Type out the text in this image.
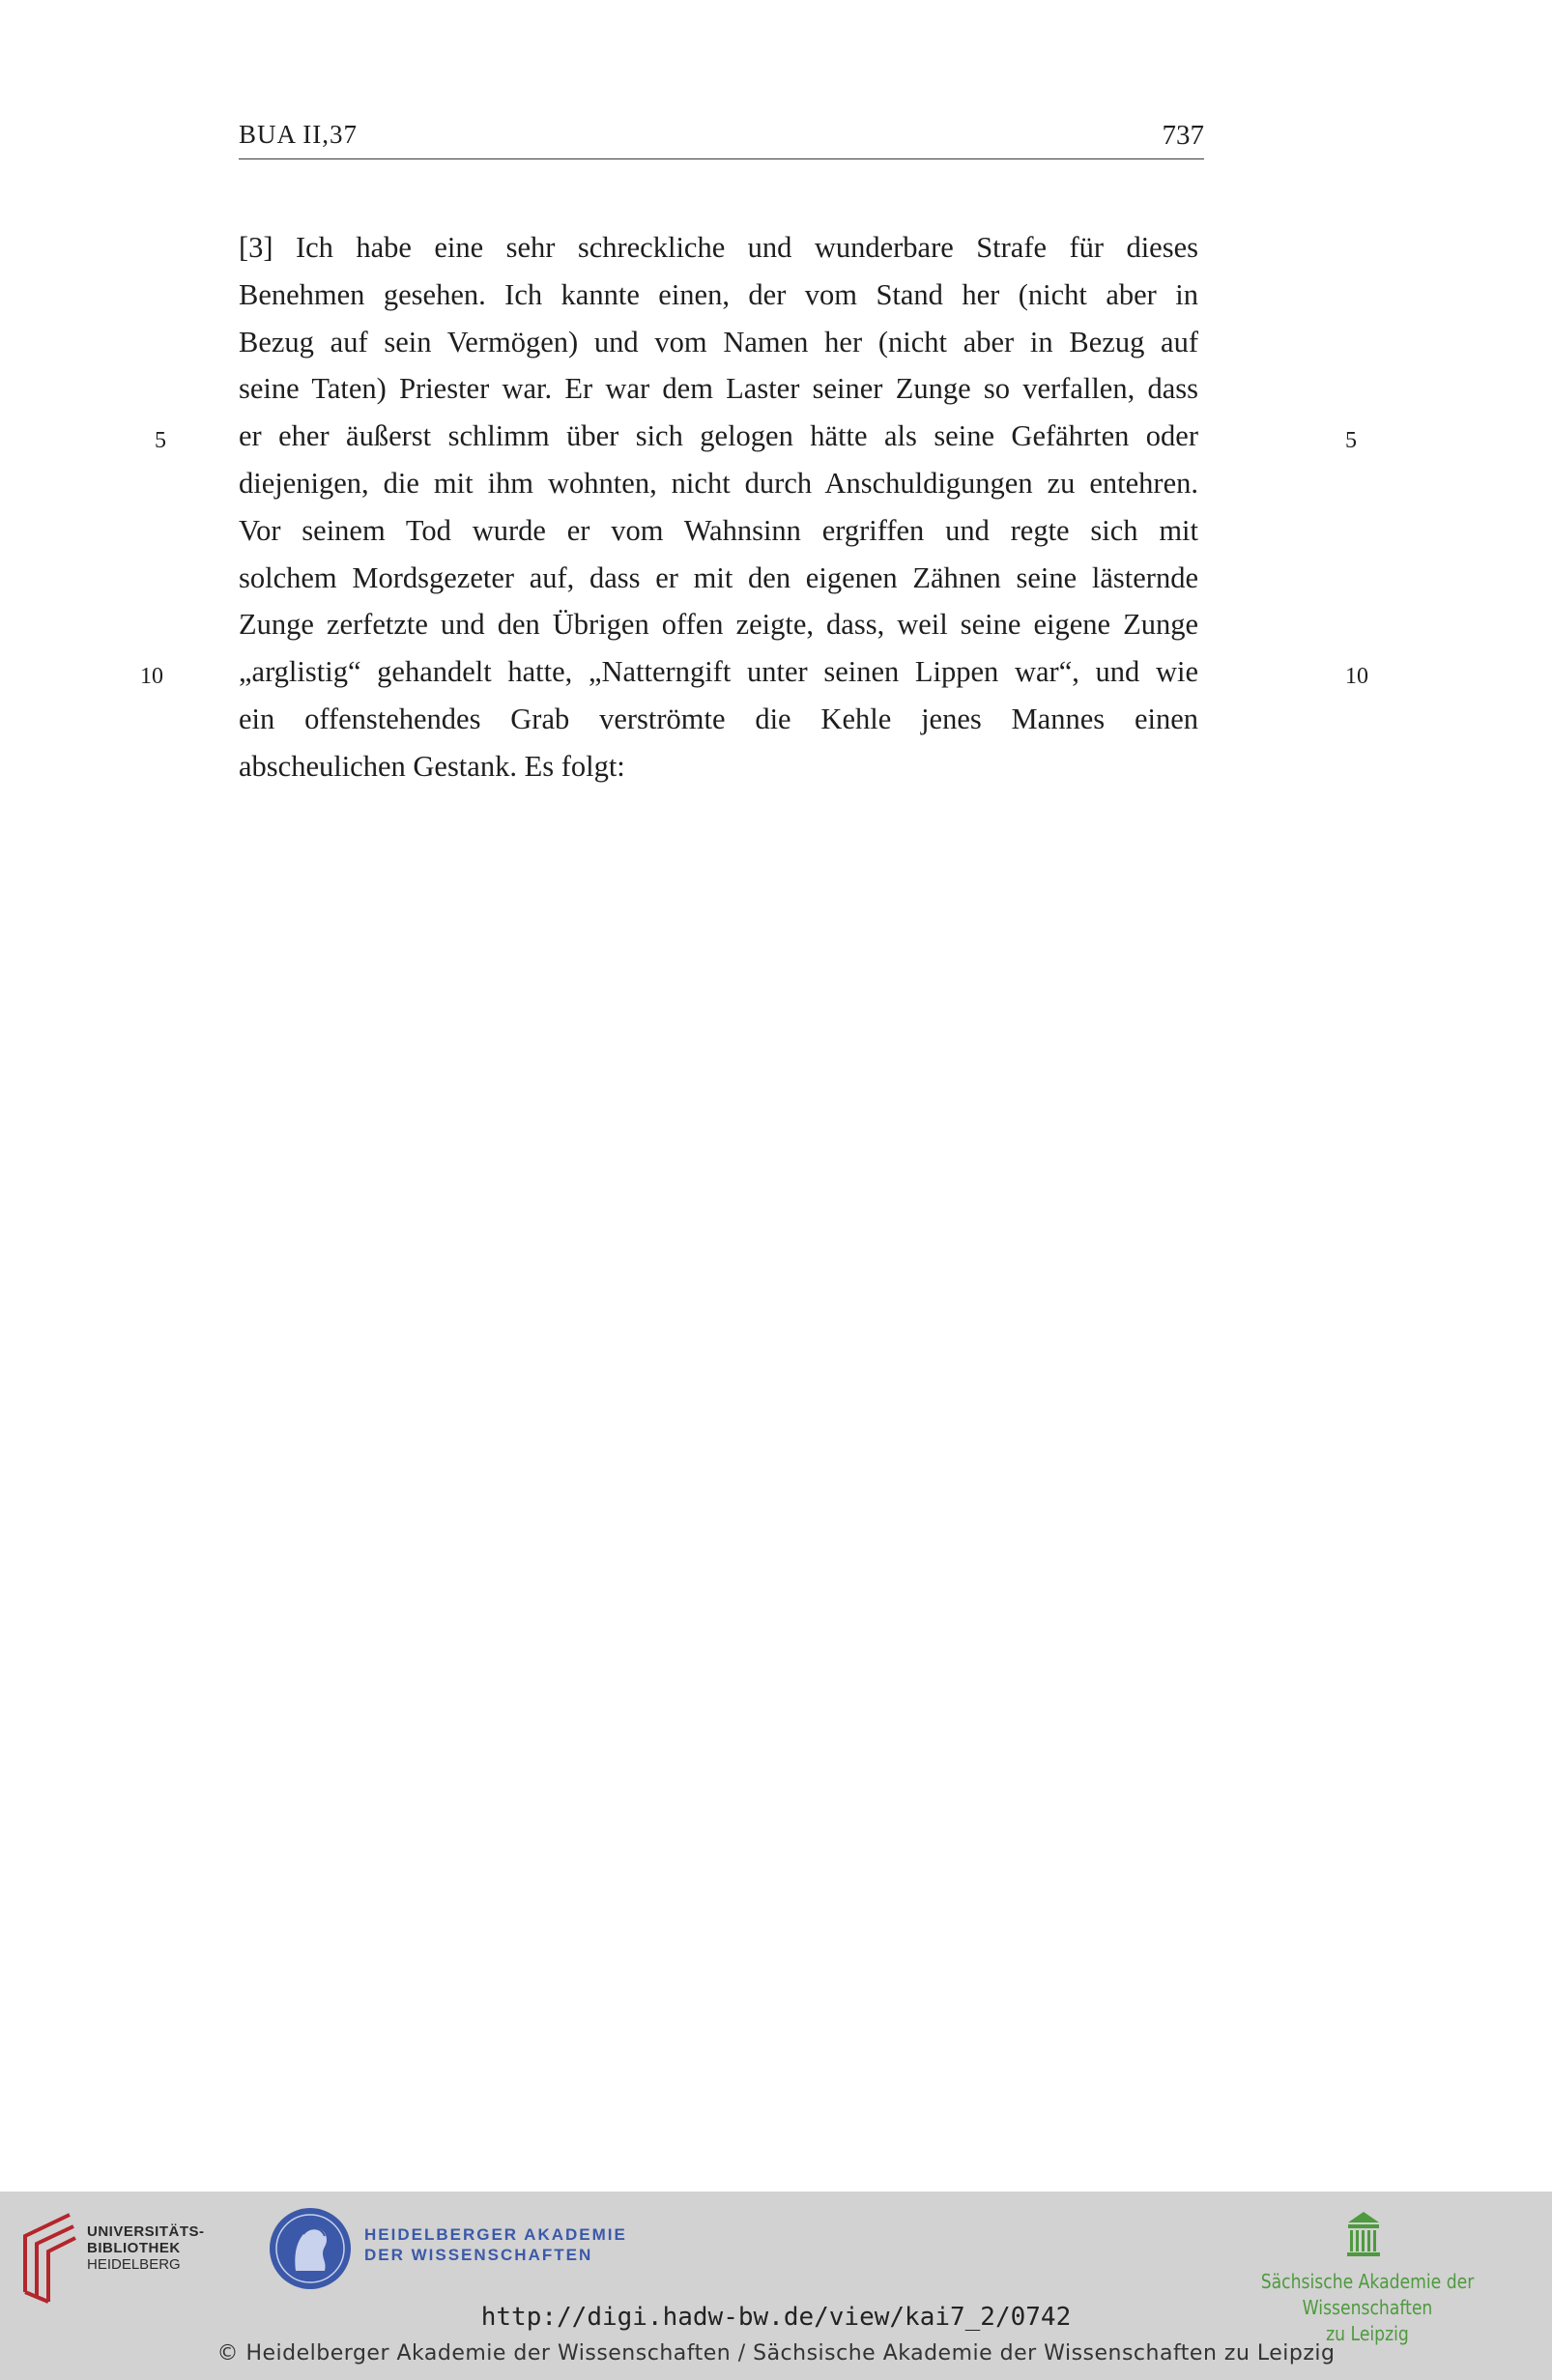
BUA II,37	737
[3] Ich habe eine sehr schreckliche und wunderbare Strafe für dieses
Benehmen gesehen. Ich kannte einen, der vom Stand her (nicht aber in
Bezug auf sein Vermögen) und vom Namen her (nicht aber in Bezug auf
seine Taten) Priester war. Er war dem Laster seiner Zunge so verfallen, dass
er eher äußerst schlimm über sich gelogen hätte als seine Gefährten oder
diejenigen, die mit ihm wohnten, nicht durch Anschuldigungen zu entehren.
Vor seinem Tod wurde er vom Wahnsinn ergriffen und regte sich mit
solchem Mordsgezeter auf, dass er mit den eigenen Zähnen seine lästernde
Zunge zerfetzte und den Übrigen offen zeigte, dass, weil seine eigene Zunge
„arglistig“ gehandelt hatte, „Natterngift unter seinen Lippen war“, und wie
ein offenstehendes Grab verströmte die Kehle jenes Mannes einen
abscheulichen Gestank. Es folgt:
5
10
5
10
UNIVERSITÄTS-
BIBLIOTHEK
HEIDELBERG
HEIDELBERGER AKADEMIE
DER WISSENSCHAFTEN
Sächsische Akademie der Wissenschaften
zu Leipzig
http://digi.hadw-bw.de/view/kai7_2/0742
© Heidelberger Akademie der Wissenschaften / Sächsische Akademie der Wissenschaften zu Leipzig
